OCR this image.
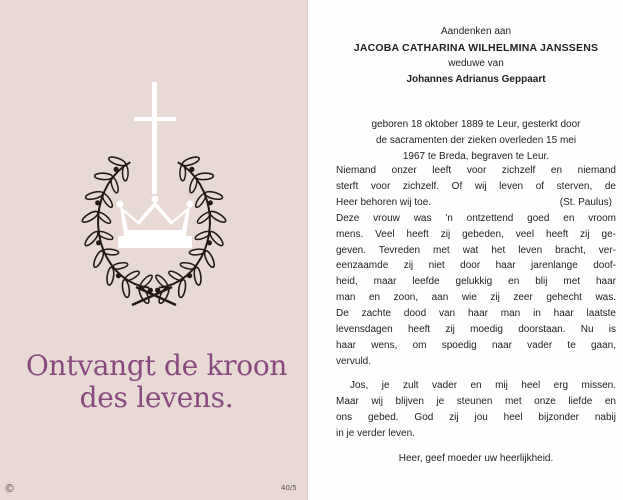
Ontvangt de kroon
des levens.
©	40/5
Aandenken aan
JACOBA CATHARINA WILHELMINA JANSSENS
weduwe van
Johannes Adrianus Geppaart
geboren 18 oktober 1889 te Leur, gesterkt door
de sacramenten der zieken overleden 15 mei
1967 te Breda, begraven te Leur.
Niemand onzer leeft voor zichzelf en niemand
sterft voor zichzelf. Of wij leven of sterven, de
Heer behoren wij toe.	(St. Paulus)
Deze vrouw was 'n ontzettend goed en vroom
mens. Veel heeft zij gebeden, veel heeft zij ge-
geven. Tevreden met wat het leven bracht, ver-
eenzaamde zij niet door haar jarenlange doof-
heid, maar leefde gelukkig en blij met haar
man en zoon, aan wie zij zeer gehecht was.
De zachte dood van haar man in haar laatste
levensdagen heeft zij moedig doorstaan. Nu is
haar wens, om spoedig naar vader te gaan,
vervuld.
Jos, je zult vader en mij heel erg missen.
Maar wij blijven je steunen met onze liefde en
ons gebed. God zij jou heel bijzonder nabij
in je verder leven.
Heer, geef moeder uw heerlijkheid.
